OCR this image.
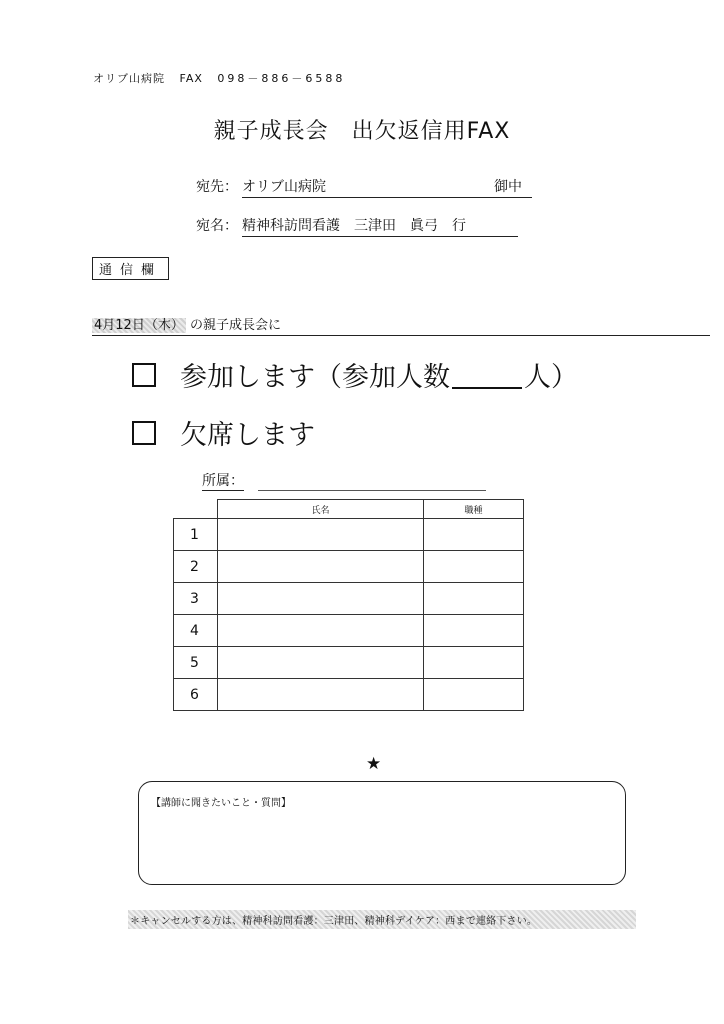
オリブ山病院 FAX 098－886－6588
親子成長会　出欠返信用FAX
宛先： オリブ山病院	御中
宛名： 精神科訪問看護　三津田　眞弓　行
通信欄
4月12日（木） の親子成長会に
参加します（参加人数	人）
欠席します
所属：
	氏名	職種
1		
2		
3		
4		
5		
6		
★
【講師に聞きたいこと・質問】
＊キャンセルする方は、精神科訪問看護：三津田、精神科デイケア：西まで連絡下さい。
